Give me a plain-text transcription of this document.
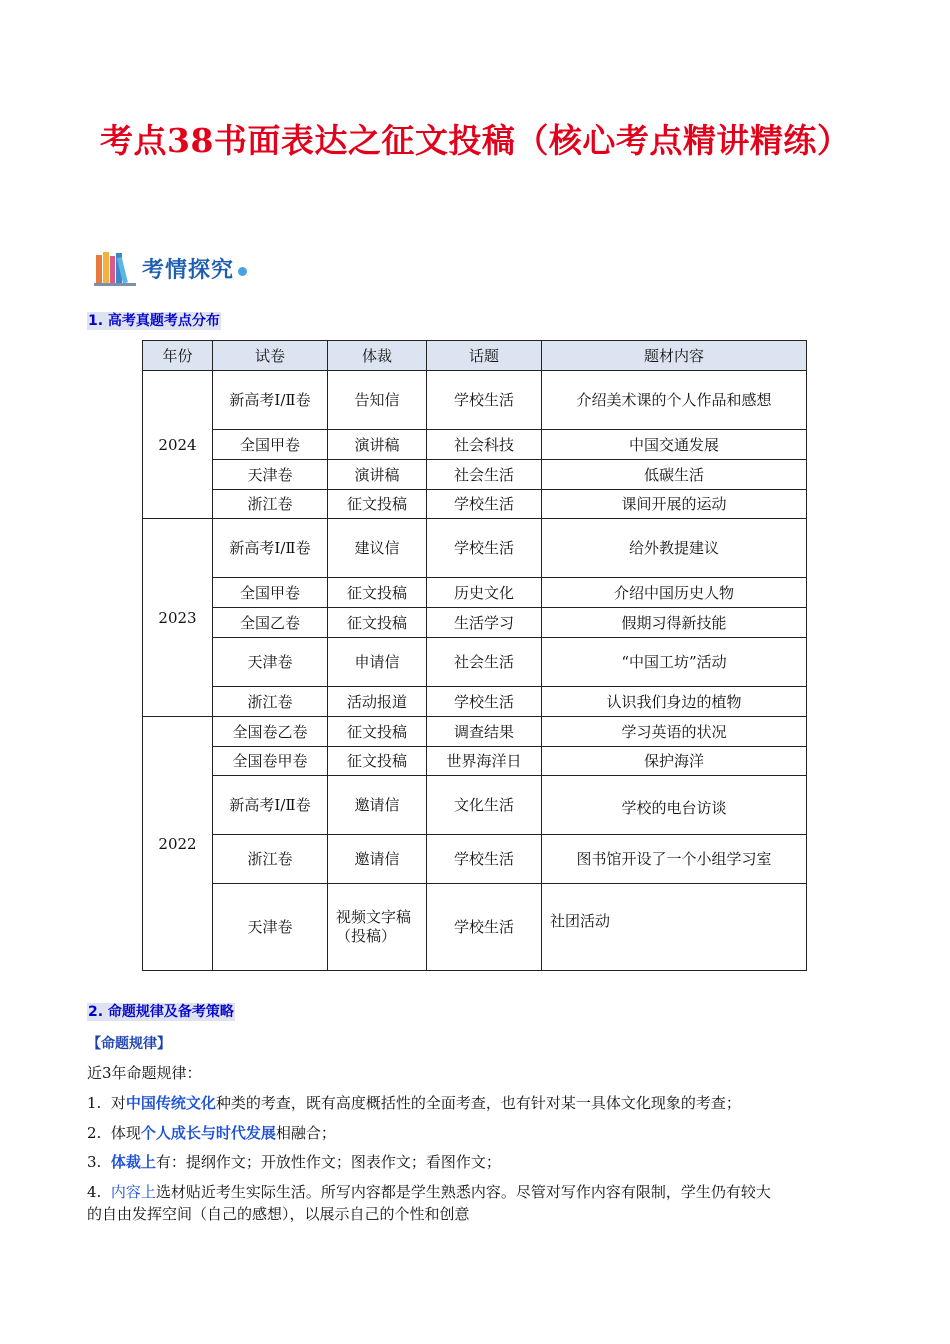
考点38书面表达之征文投稿（核心考点精讲精练）
考情探究
1. 高考真题考点分布
年份	试卷	体裁	话题	题材内容
2024	新高考Ⅰ/Ⅱ卷	告知信	学校生活	介绍美术课的个人作品和感想
	全国甲卷	演讲稿	社会科技	中国交通发展
	天津卷	演讲稿	社会生活	低碳生活
	浙江卷	征文投稿	学校生活	课间开展的运动
2023	新高考Ⅰ/Ⅱ卷	建议信	学校生活	给外教提建议
	全国甲卷	征文投稿	历史文化	介绍中国历史人物
	全国乙卷	征文投稿	生活学习	假期习得新技能
	天津卷	申请信	社会生活	“中国工坊”活动
	浙江卷	活动报道	学校生活	认识我们身边的植物
2022	全国卷乙卷	征文投稿	调查结果	学习英语的状况
	全国卷甲卷	征文投稿	世界海洋日	保护海洋
	新高考Ⅰ/Ⅱ卷	邀请信	文化生活	学校的电台访谈
	浙江卷	邀请信	学校生活	图书馆开设了一个小组学习室
	天津卷	视频文字稿（投稿）	学校生活	社团活动
2. 命题规律及备考策略
【命题规律】
近3年命题规律：
1. 对中国传统文化种类的考查，既有高度概括性的全面考查，也有针对某一具体文化现象的考查；
2. 体现个人成长与时代发展相融合；
3. 体裁上有：提纲作文；开放性作文；图表作文；看图作文；
4. 内容上选材贴近考生实际生活。所写内容都是学生熟悉内容。尽管对写作内容有限制，学生仍有较大
的自由发挥空间（自己的感想），以展示自己的个性和创意
